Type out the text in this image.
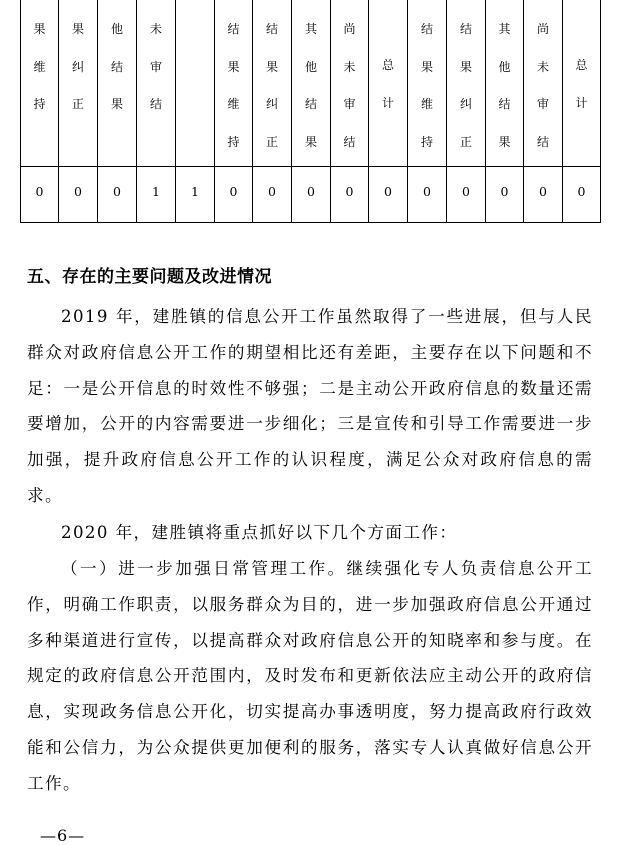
果维持	果纠正	他结果	未审结		结果维持	结果纠正	其他结果	尚未审结	总计	结果维持	结果纠正	其他结果	尚未审结	总计

0	0	0	1	1	0	0	0	0	0	0	0	0	0	0
五、存在的主要问题及改进情况
2019 年，建胜镇的信息公开工作虽然取得了一些进展，但与人民群众对政府信息公开工作的期望相比还有差距，主要存在以下问题和不足：一是公开信息的时效性不够强；二是主动公开政府信息的数量还需要增加，公开的内容需要进一步细化；三是宣传和引导工作需要进一步加强，提升政府信息公开工作的认识程度，满足公众对政府信息的需求。
2020 年，建胜镇将重点抓好以下几个方面工作：
（一）进一步加强日常管理工作。继续强化专人负责信息公开工作，明确工作职责，以服务群众为目的，进一步加强政府信息公开通过多种渠道进行宣传，以提高群众对政府信息公开的知晓率和参与度。在规定的政府信息公开范围内，及时发布和更新依法应主动公开的政府信息，实现政务信息公开化，切实提高办事透明度，努力提高政府行政效能和公信力，为公众提供更加便利的服务，落实专人认真做好信息公开工作。
—6—
